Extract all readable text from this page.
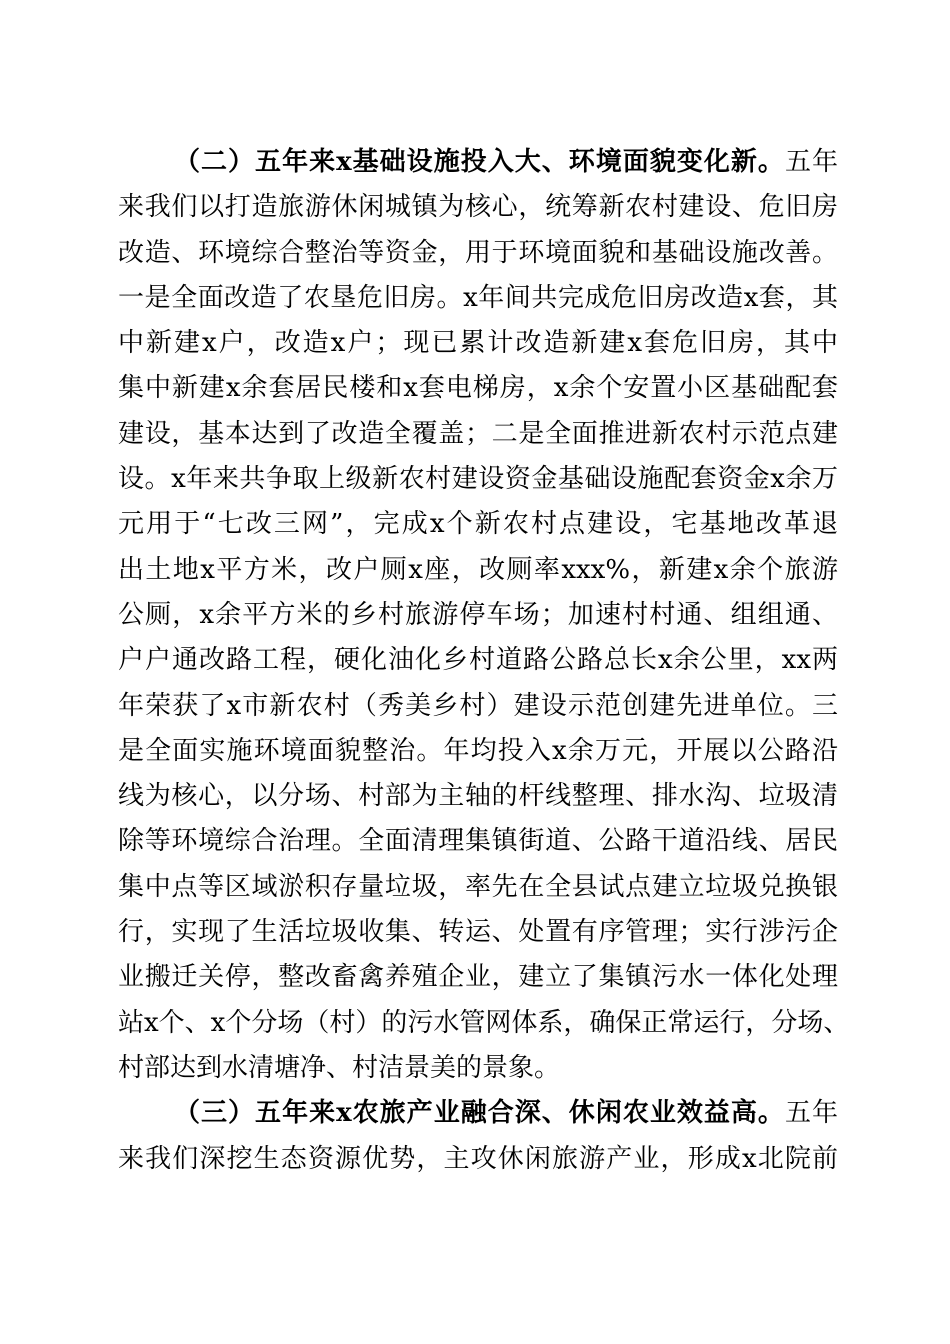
（二）五年来x基础设施投入大、环境面貌变化新。五年
来我们以打造旅游休闲城镇为核心，统筹新农村建设、危旧房
改造、环境综合整治等资金，用于环境面貌和基础设施改善。
一是全面改造了农垦危旧房。x年间共完成危旧房改造x套，其
中新建x户，改造x户；现已累计改造新建x套危旧房，其中
集中新建x余套居民楼和x套电梯房，x余个安置小区基础配套
建设，基本达到了改造全覆盖；二是全面推进新农村示范点建
设。x年来共争取上级新农村建设资金基础设施配套资金x余万
元用于“七改三网”，完成x个新农村点建设，宅基地改革退
出土地x平方米，改户厕x座，改厕率xxx%，新建x余个旅游
公厕，x余平方米的乡村旅游停车场；加速村村通、组组通、
户户通改路工程，硬化油化乡村道路公路总长x余公里，xx两
年荣获了x市新农村（秀美乡村）建设示范创建先进单位。三
是全面实施环境面貌整治。年均投入x余万元，开展以公路沿
线为核心，以分场、村部为主轴的杆线整理、排水沟、垃圾清
除等环境综合治理。全面清理集镇街道、公路干道沿线、居民
集中点等区域淤积存量垃圾，率先在全县试点建立垃圾兑换银
行，实现了生活垃圾收集、转运、处置有序管理；实行涉污企
业搬迁关停，整改畜禽养殖企业，建立了集镇污水一体化处理
站x个、x个分场（村）的污水管网体系，确保正常运行，分场、
村部达到水清塘净、村洁景美的景象。
（三）五年来x农旅产业融合深、休闲农业效益高。五年
来我们深挖生态资源优势，主攻休闲旅游产业，形成x北院前
